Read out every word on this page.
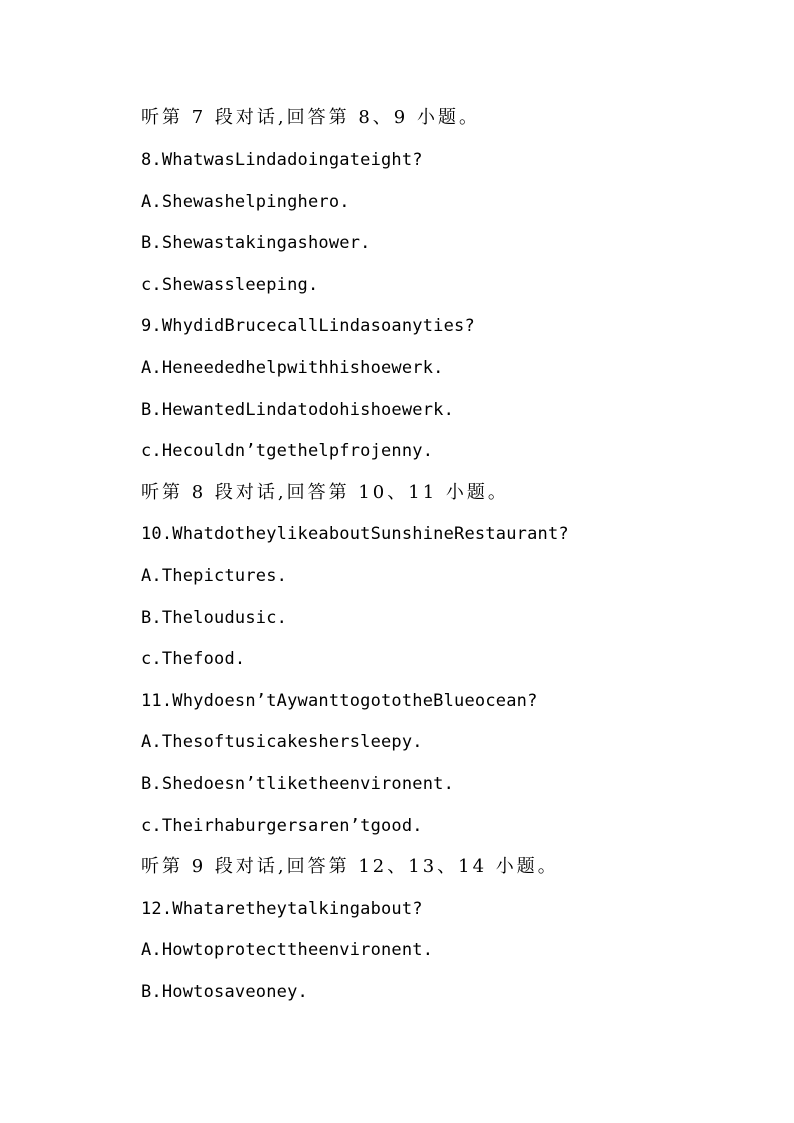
听第 7 段对话,回答第 8、9 小题。
8.WhatwasLindadoingateight?
A.Shewashelpinghero.
B.Shewastakingashower.
c.Shewassleeping.
9.WhydidBrucecallLindasoanyties?
A.Heneededhelpwithhishoewerk.
B.HewantedLindatodohishoewerk.
c.Hecouldn’tgethelpfrojenny.
听第 8 段对话,回答第 10、11 小题。
10.WhatdotheylikeaboutSunshineRestaurant?
A.Thepictures.
B.Theloudusic.
c.Thefood.
11.Whydoesn’tAywanttogototheBlueocean?
A.Thesoftusicakeshersleepy.
B.Shedoesn’tliketheenvironent.
c.Theirhaburgersaren’tgood.
听第 9 段对话,回答第 12、13、14 小题。
12.Whataretheytalkingabout?
A.Howtoprotecttheenvironent.
B.Howtosaveoney.
